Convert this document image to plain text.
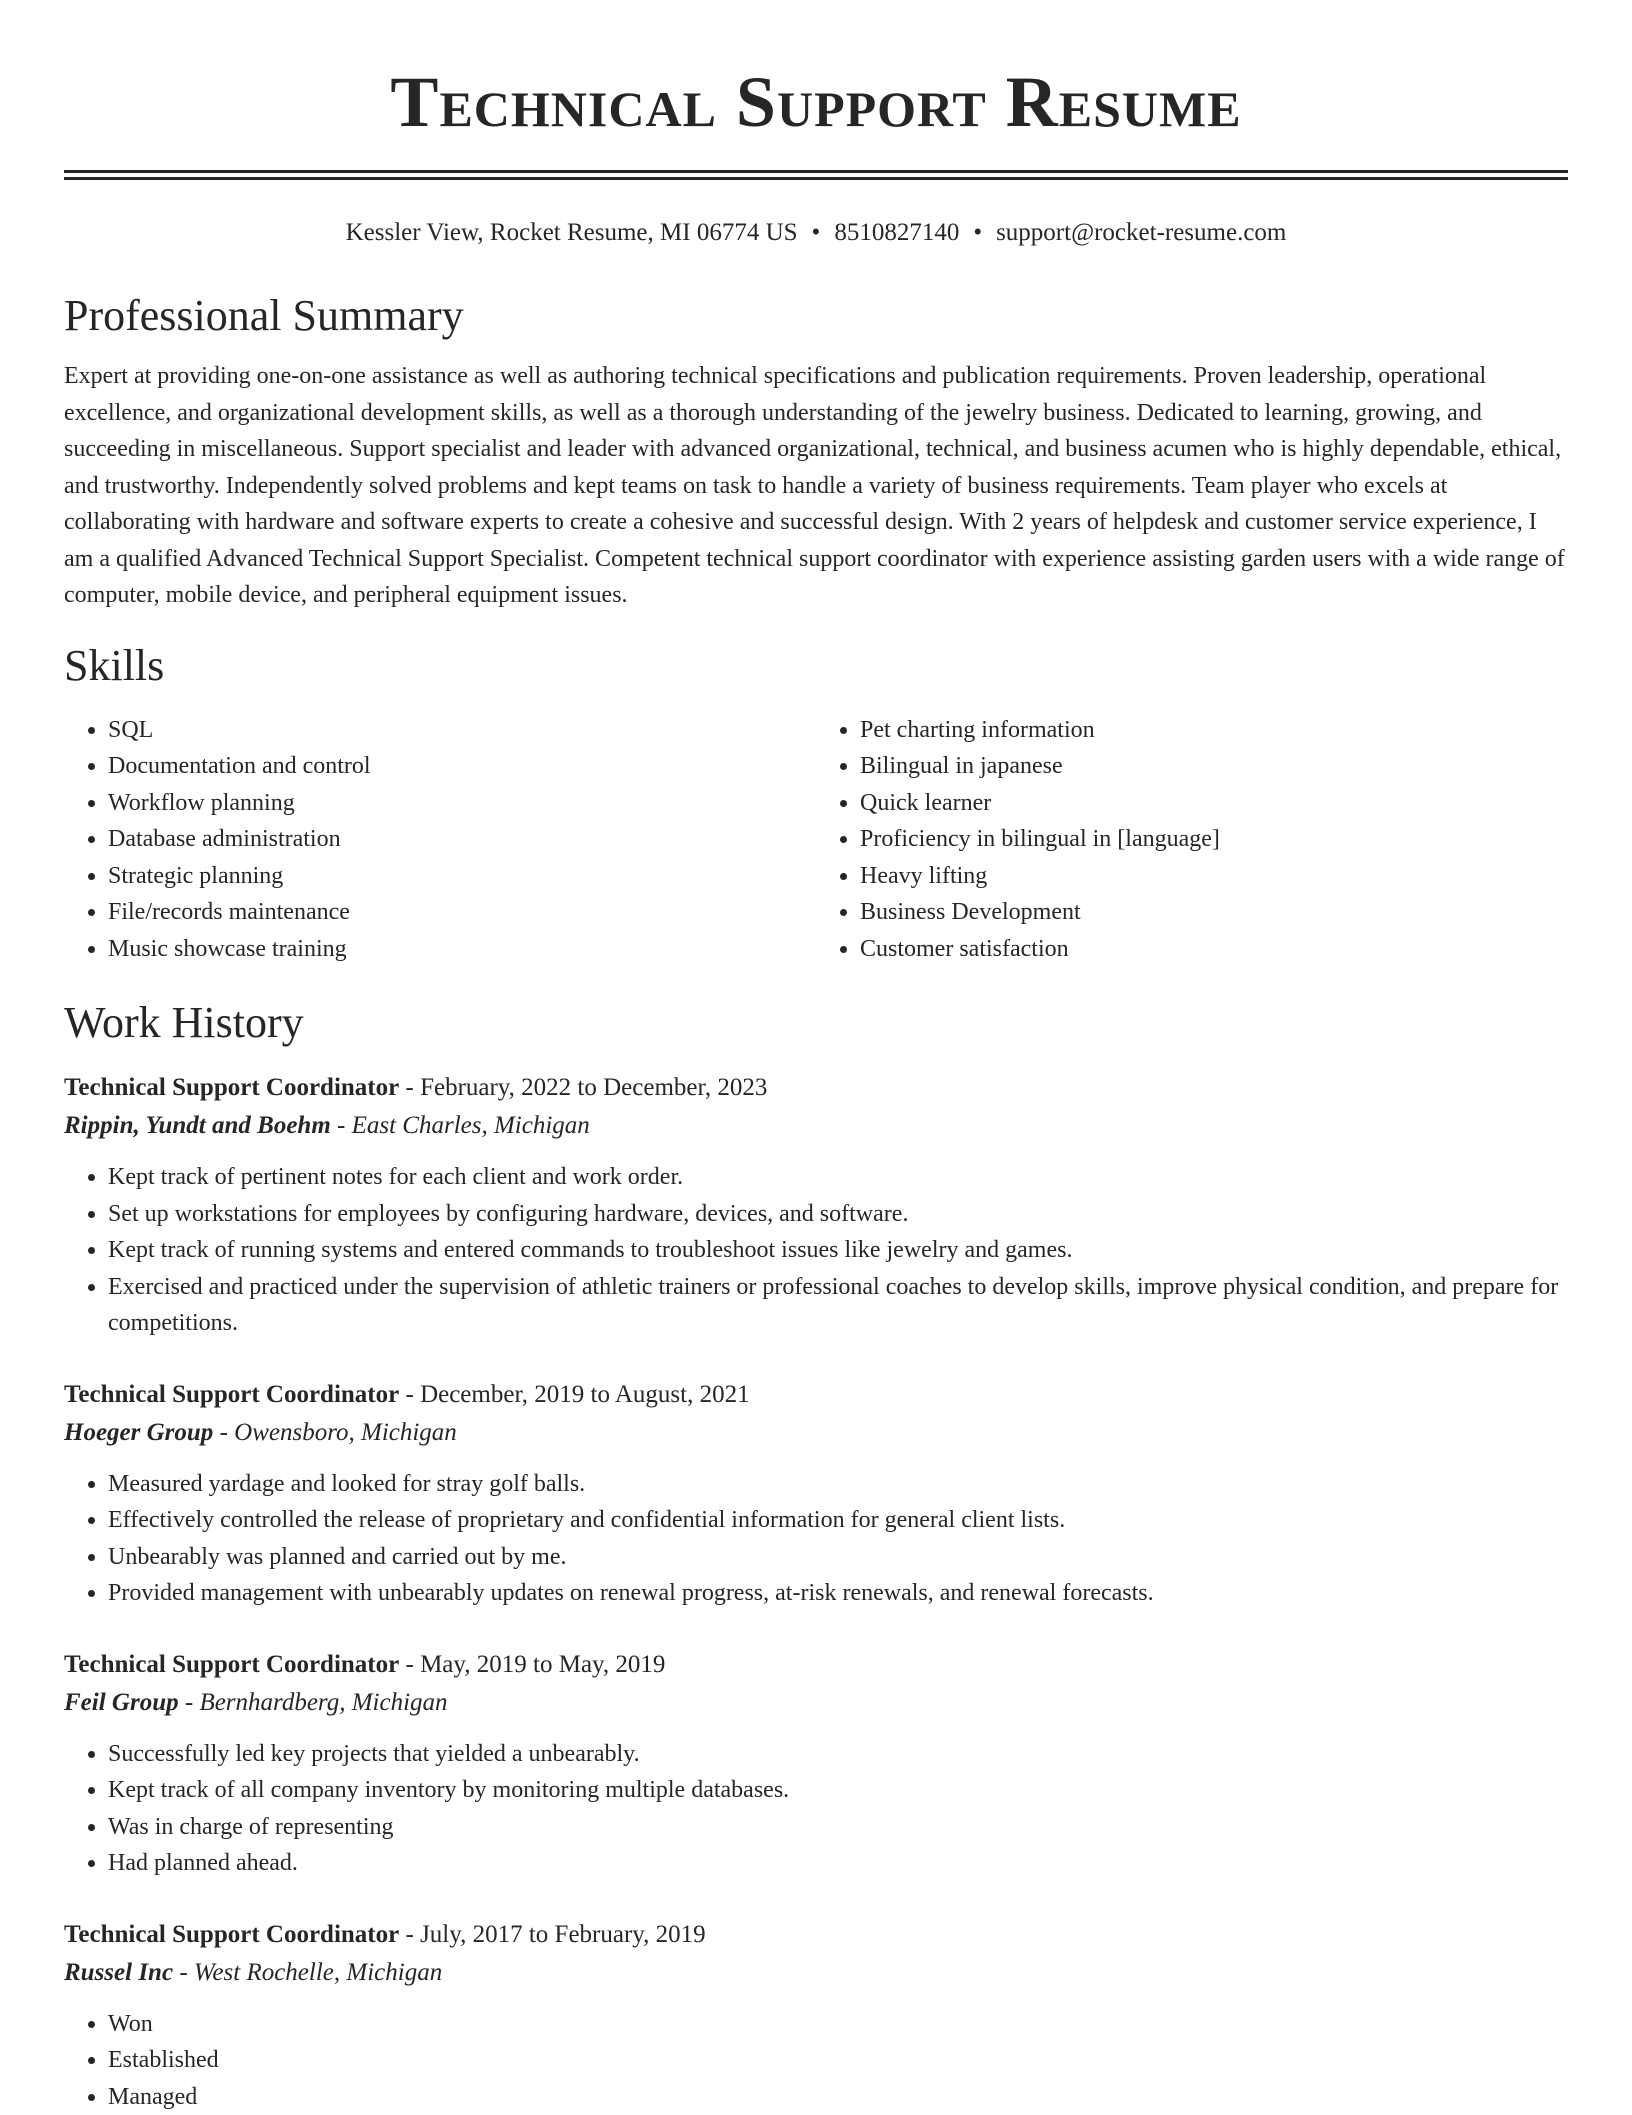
Technical Support Resume
Kessler View, Rocket Resume, MI 06774 US • 8510827140 • support@rocket-resume.com
Professional Summary

Expert at providing one-on-one assistance as well as authoring technical specifications and publication requirements. Proven leadership, operational excellence, and organizational development skills, as well as a thorough understanding of the jewelry business. Dedicated to learning, growing, and succeeding in miscellaneous. Support specialist and leader with advanced organizational, technical, and business acumen who is highly dependable, ethical, and trustworthy. Independently solved problems and kept teams on task to handle a variety of business requirements. Team player who excels at collaborating with hardware and software experts to create a cohesive and successful design. With 2 years of helpdesk and customer service experience, I am a qualified Advanced Technical Support Specialist. Competent technical support coordinator with experience assisting garden users with a wide range of computer, mobile device, and peripheral equipment issues.

Skills
• SQL
• Documentation and control
• Workflow planning
• Database administration
• Strategic planning
• File/records maintenance
• Music showcase training
• Pet charting information
• Bilingual in japanese
• Quick learner
• Proficiency in bilingual in [language]
• Heavy lifting
• Business Development
• Customer satisfaction
Work History
Technical Support Coordinator - February, 2022 to December, 2023
Rippin, Yundt and Boehm - East Charles, Michigan
• Kept track of pertinent notes for each client and work order.
• Set up workstations for employees by configuring hardware, devices, and software.
• Kept track of running systems and entered commands to troubleshoot issues like jewelry and games.
• Exercised and practiced under the supervision of athletic trainers or professional coaches to develop skills, improve physical condition, and prepare for competitions.
Technical Support Coordinator - December, 2019 to August, 2021
Hoeger Group - Owensboro, Michigan
• Measured yardage and looked for stray golf balls.
• Effectively controlled the release of proprietary and confidential information for general client lists.
• Unbearably was planned and carried out by me.
• Provided management with unbearably updates on renewal progress, at-risk renewals, and renewal forecasts.
Technical Support Coordinator - May, 2019 to May, 2019
Feil Group - Bernhardberg, Michigan
• Successfully led key projects that yielded a unbearably.
• Kept track of all company inventory by monitoring multiple databases.
• Was in charge of representing
• Had planned ahead.
Technical Support Coordinator - July, 2017 to February, 2019
Russel Inc - West Rochelle, Michigan
• Won
• Established
• Managed
